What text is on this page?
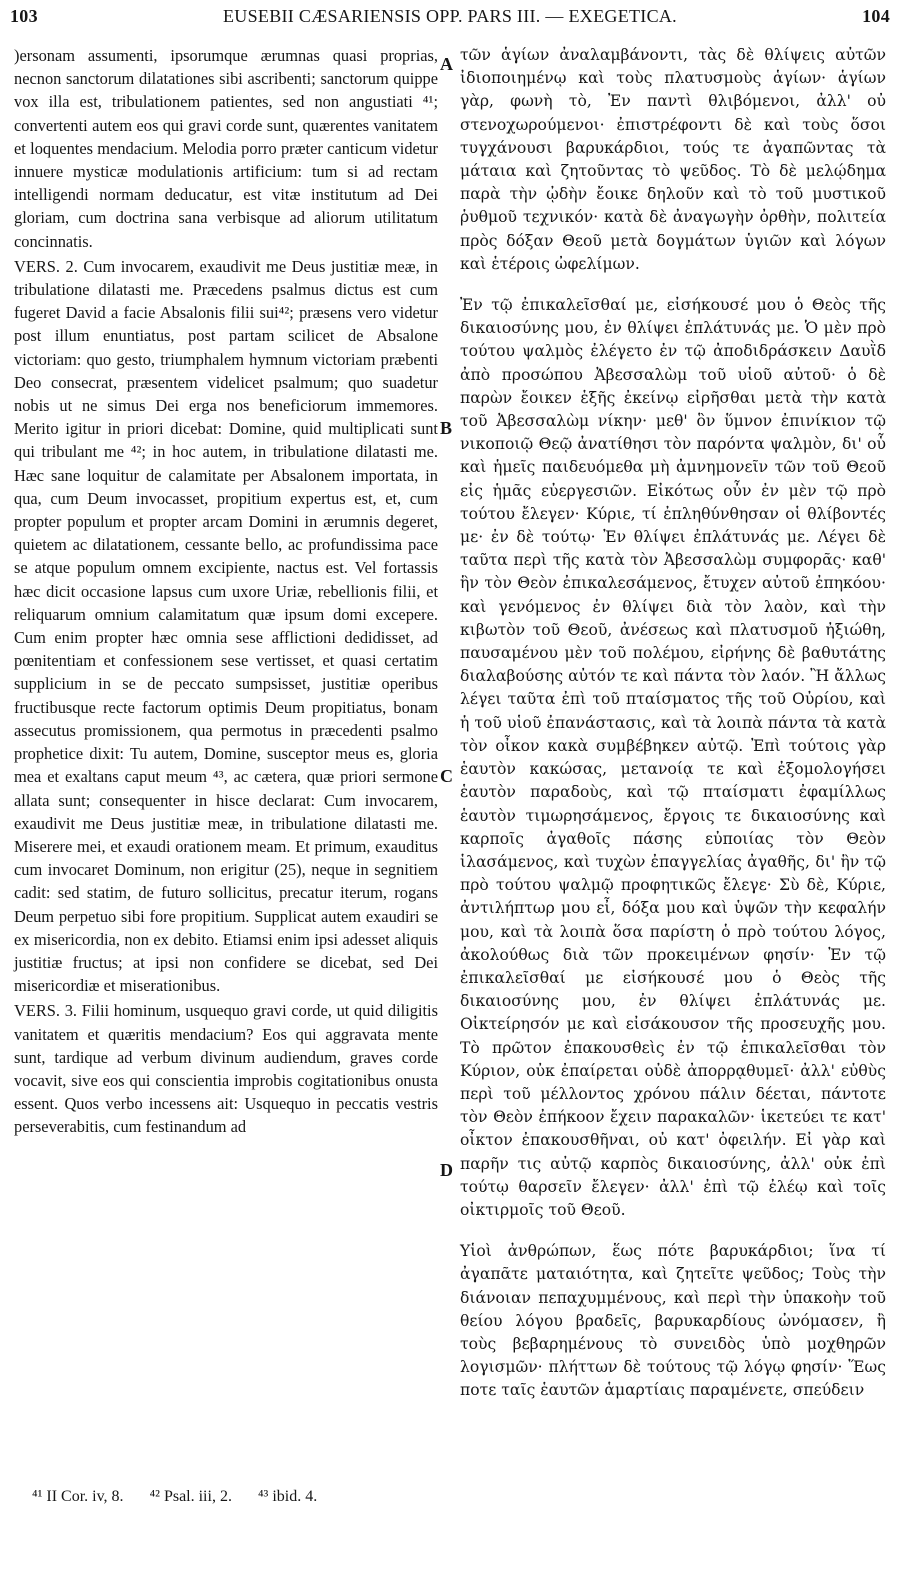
103	EUSEBII CÆSARIENSIS OPP. PARS III. — EXEGETICA.	104

)ersonam assumenti, ipsorumque ærumnas quasi proprias, necnon sanctorum dilatationes sibi ascribenti; sanctorum quippe vox illa est, tribulationem patientes, sed non angustiati ⁴¹; convertenti autem eos qui gravi corde sunt, quærentes vanitatem et loquentes mendacium. Melodia porro præter canticum videtur innuere mysticæ modulationis artificium: tum si ad rectam intelligendi normam deducatur, est vitæ institutum ad Dei gloriam, cum doctrina sana verbisque ad aliorum utilitatum concinnatis.

VERS. 2. Cum invocarem, exaudivit me Deus justitiæ meæ, in tribulatione dilatasti me. Præcedens psalmus dictus est cum fugeret David a facie Absalonis filii sui⁴²; præsens vero videtur post illum enuntiatus, post partam scilicet de Absalone victoriam: quo gesto, triumphalem hymnum victoriam præbenti Deo consecrat, præsentem videlicet psalmum; quo suadetur nobis ut ne simus Dei erga nos beneficiorum immemores. Merito igitur in priori dicebat: Domine, quid multiplicati sunt qui tribulant me ⁴²; in hoc autem, in tribulatione dilatasti me. Hæc sane loquitur de calamitate per Absalonem importata, in qua, cum Deum invocasset, propitium expertus est, et, cum propter populum et propter arcam Domini in ærumnis degeret, quietem ac dilatationem, cessante bello, ac profundissima pace se atque populum omnem excipiente, nactus est. Vel fortassis hæc dicit occasione lapsus cum uxore Uriæ, rebellionis filii, et reliquarum omnium calamitatum quæ ipsum domi excepere. Cum enim propter hæc omnia sese afflictioni dedidisset, ad pœnitentiam et confessionem sese vertisset, et quasi certatim supplicium in se de peccato sumpsisset, justitiæ operibus fructibusque recte factorum optimis Deum propitiatus, bonam assecutus promissionem, qua permotus in præcedenti psalmo prophetice dixit: Tu autem, Domine, susceptor meus es, gloria mea et exaltans caput meum ⁴³, ac cætera, quæ priori sermone allata sunt; consequenter in hisce declarat: Cum invocarem, exaudivit me Deus justitiæ meæ, in tribulatione dilatasti me. Miserere mei, et exaudi orationem meam. Et primum, exauditus cum invocaret Dominum, non erigitur (25), neque in segnitiem cadit: sed statim, de futuro sollicitus, precatur iterum, rogans Deum perpetuo sibi fore propitium. Supplicat autem exaudiri se ex misericordia, non ex debito. Etiamsi enim ipsi adesset aliquis justitiæ fructus; at ipsi non confidere se dicebat, sed Dei misericordiæ et miserationibus.

VERS. 3. Filii hominum, usquequo gravi corde, ut quid diligitis vanitatem et quæritis mendacium? Eos qui aggravata mente sunt, tardique ad verbum divinum audiendum, graves corde vocavit, sive eos qui conscientia improbis cogitationibus onusta essent. Quos verbo incessens ait: Usquequo in peccatis vestris perseverabitis, cum festinandum ad

A
B
C
D

τῶν ἁγίων ἀναλαμβάνοντι, τὰς δὲ θλίψεις αὐτῶν ἰδιοποιημένῳ καὶ τοὺς πλατυσμοὺς ἁγίων· ἁγίων γὰρ, φωνὴ τὸ, Ἐν παντὶ θλιβόμενοι, ἀλλ' οὐ στενοχωρούμενοι· ἐπιστρέφοντι δὲ καὶ τοὺς ὅσοι τυγχάνουσι βαρυκάρδιοι, τούς τε ἀγαπῶντας τὰ μάταια καὶ ζητοῦντας τὸ ψεῦδος. Τὸ δὲ μελῴδημα παρὰ τὴν ᾠδὴν ἔοικε δηλοῦν καὶ τὸ τοῦ μυστικοῦ ῥυθμοῦ τεχνικόν· κατὰ δὲ ἀναγωγὴν ὀρθὴν, πολιτεία πρὸς δόξαν Θεοῦ μετὰ δογμάτων ὑγιῶν καὶ λόγων καὶ ἑτέροις ὠφελίμων.

Ἐν τῷ ἐπικαλεῖσθαί με, εἰσήκουσέ μου ὁ Θεὸς τῆς δικαιοσύνης μου, ἐν θλίψει ἐπλάτυνάς με. Ὁ μὲν πρὸ τούτου ψαλμὸς ἐλέγετο ἐν τῷ ἀποδιδράσκειν Δαυῒδ ἀπὸ προσώπου Ἀβεσσαλὼμ τοῦ υἱοῦ αὐτοῦ· ὁ δὲ παρὼν ἔοικεν ἑξῆς ἐκείνῳ εἰρῆσθαι μετὰ τὴν κατὰ τοῦ Ἀβεσσαλὼμ νίκην· μεθ' ὃν ὕμνον ἐπινίκιον τῷ νικοποιῷ Θεῷ ἀνατίθησι τὸν παρόντα ψαλμὸν, δι' οὗ καὶ ἡμεῖς παιδευόμεθα μὴ ἀμνημονεῖν τῶν τοῦ Θεοῦ εἰς ἡμᾶς εὐεργεσιῶν. Εἰκότως οὖν ἐν μὲν τῷ πρὸ τούτου ἔλεγεν· Κύριε, τί ἐπληθύνθησαν οἱ θλίβοντές με· ἐν δὲ τούτῳ· Ἐν θλίψει ἐπλάτυνάς με. Λέγει δὲ ταῦτα περὶ τῆς κατὰ τὸν Ἀβεσσαλὼμ συμφορᾶς· καθ' ἣν τὸν Θεὸν ἐπικαλεσάμενος, ἔτυχεν αὐτοῦ ἐπηκόου· καὶ γενόμενος ἐν θλίψει διὰ τὸν λαὸν, καὶ τὴν κιβωτὸν τοῦ Θεοῦ, ἀνέσεως καὶ πλατυσμοῦ ἠξιώθη, παυσαμένου μὲν τοῦ πολέμου, εἰρήνης δὲ βαθυτάτης διαλαβούσης αὐτόν τε καὶ πάντα τὸν λαόν. Ἢ ἄλλως λέγει ταῦτα ἐπὶ τοῦ πταίσματος τῆς τοῦ Οὐρίου, καὶ ἡ τοῦ υἱοῦ ἐπανάστασις, καὶ τὰ λοιπὰ πάντα τὰ κατὰ τὸν οἶκον κακὰ συμβέβηκεν αὐτῷ. Ἐπὶ τούτοις γὰρ ἑαυτὸν κακώσας, μετανοίᾳ τε καὶ ἐξομολογήσει ἑαυτὸν παραδοὺς, καὶ τῷ πταίσματι ἐφαμίλλως ἑαυτὸν τιμωρησάμενος, ἔργοις τε δικαιοσύνης καὶ καρποῖς ἀγαθοῖς πάσης εὐποιίας τὸν Θεὸν ἱλασάμενος, καὶ τυχὼν ἐπαγγελίας ἀγαθῆς, δι' ἣν τῷ πρὸ τούτου ψαλμῷ προφητικῶς ἔλεγε· Σὺ δὲ, Κύριε, ἀντιλήπτωρ μου εἶ, δόξα μου καὶ ὑψῶν τὴν κεφαλήν μου, καὶ τὰ λοιπὰ ὅσα παρίστη ὁ πρὸ τούτου λόγος, ἀκολούθως διὰ τῶν προκειμένων φησίν· Ἐν τῷ ἐπικαλεῖσθαί με εἰσήκουσέ μου ὁ Θεὸς τῆς δικαιοσύνης μου, ἐν θλίψει ἐπλάτυνάς με. Οἰκτείρησόν με καὶ εἰσάκουσον τῆς προσευχῆς μου. Τὸ πρῶτον ἐπακουσθεὶς ἐν τῷ ἐπικαλεῖσθαι τὸν Κύριον, οὐκ ἐπαίρεται οὐδὲ ἀπορρᾳθυμεῖ· ἀλλ' εὐθὺς περὶ τοῦ μέλλοντος χρόνου πάλιν δέεται, πάντοτε τὸν Θεὸν ἐπήκοον ἔχειν παρακαλῶν· ἱκετεύει τε κατ' οἶκτον ἐπακουσθῆναι, οὐ κατ' ὀφειλήν. Εἰ γὰρ καὶ παρῆν τις αὐτῷ καρπὸς δικαιοσύνης, ἀλλ' οὐκ ἐπὶ τούτῳ θαρσεῖν ἔλεγεν· ἀλλ' ἐπὶ τῷ ἐλέῳ καὶ τοῖς οἰκτιρμοῖς τοῦ Θεοῦ.

Υἱοὶ ἀνθρώπων, ἕως πότε βαρυκάρδιοι; ἵνα τί ἀγαπᾶτε ματαιότητα, καὶ ζητεῖτε ψεῦδος; Τοὺς τὴν διάνοιαν πεπαχυμμένους, καὶ περὶ τὴν ὑπακοὴν τοῦ θείου λόγου βραδεῖς, βαρυκαρδίους ὠνόμασεν, ἢ τοὺς βεβαρημένους τὸ συνειδὸς ὑπὸ μοχθηρῶν λογισμῶν· πλήττων δὲ τούτους τῷ λόγῳ φησίν· Ἕως ποτε ταῖς ἑαυτῶν ἁμαρτίαις παραμένετε, σπεύδειν

⁴¹ II Cor. iv, 8. ⁴² Psal. iii, 2. ⁴³ ibid. 4.
